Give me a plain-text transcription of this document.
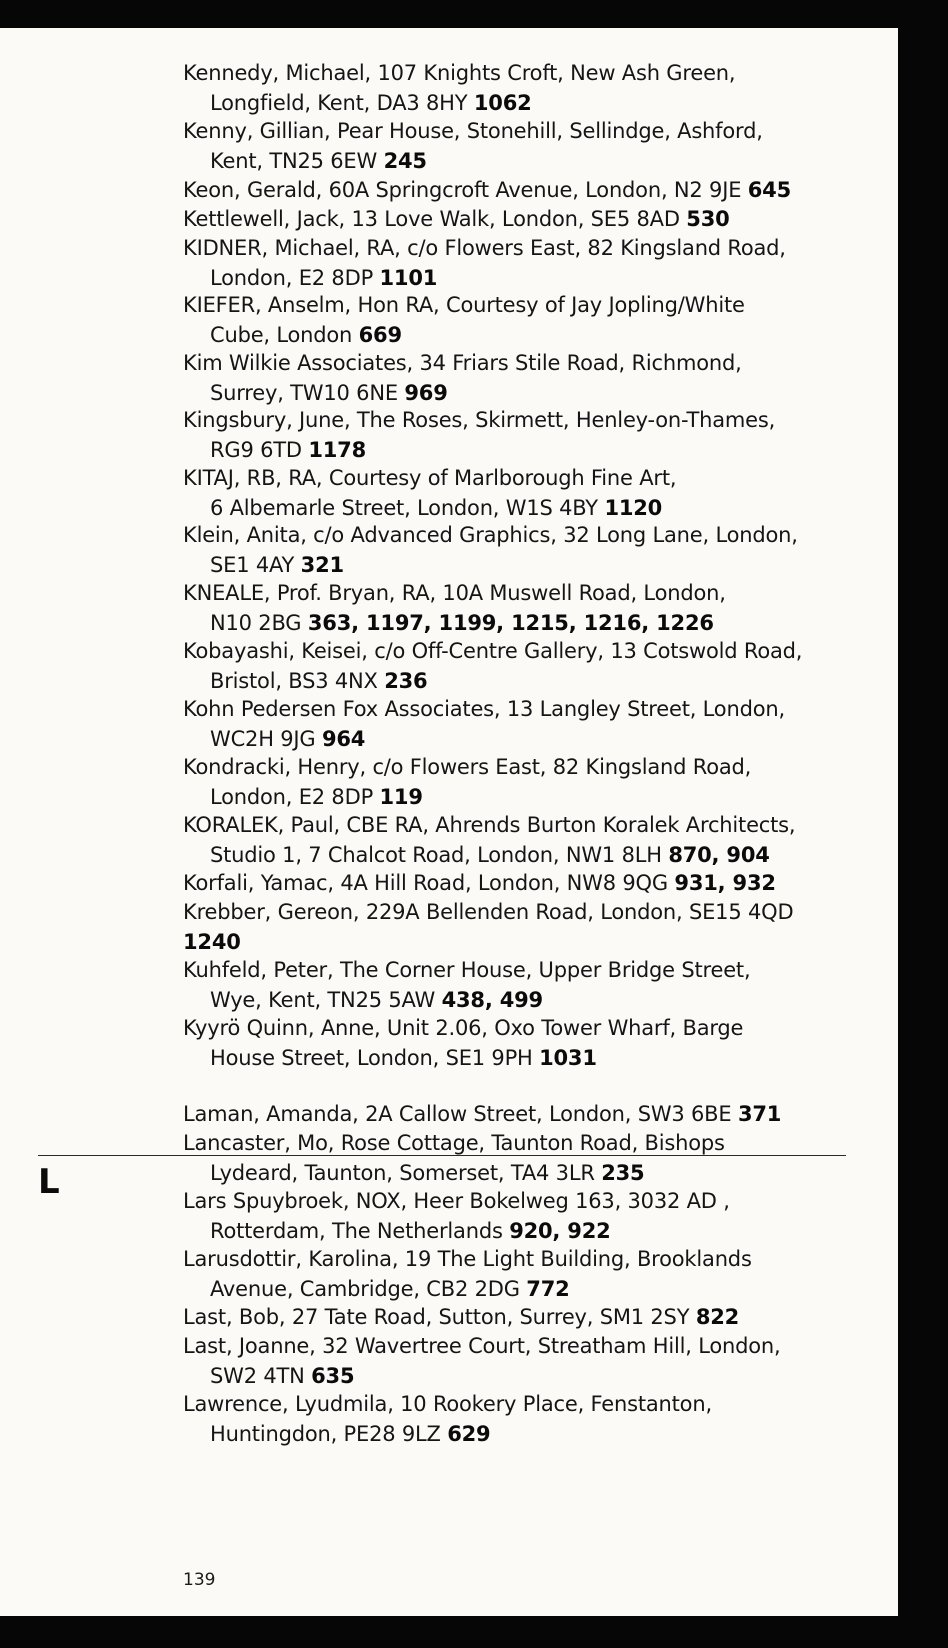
Kennedy, Michael, 107 Knights Croft, New Ash Green,
Longfield, Kent, DA3 8HY 1062
Kenny, Gillian, Pear House, Stonehill, Sellindge, Ashford,
Kent, TN25 6EW 245
Keon, Gerald, 60A Springcroft Avenue, London, N2 9JE 645
Kettlewell, Jack, 13 Love Walk, London, SE5 8AD 530
KIDNER, Michael, RA, c/o Flowers East, 82 Kingsland Road,
London, E2 8DP 1101
KIEFER, Anselm, Hon RA, Courtesy of Jay Jopling/White
Cube, London 669
Kim Wilkie Associates, 34 Friars Stile Road, Richmond,
Surrey, TW10 6NE 969
Kingsbury, June, The Roses, Skirmett, Henley-on-Thames,
RG9 6TD 1178
KITAJ, RB, RA, Courtesy of Marlborough Fine Art,
6 Albemarle Street, London, W1S 4BY 1120
Klein, Anita, c/o Advanced Graphics, 32 Long Lane, London,
SE1 4AY 321
KNEALE, Prof. Bryan, RA, 10A Muswell Road, London,
N10 2BG 363, 1197, 1199, 1215, 1216, 1226
Kobayashi, Keisei, c/o Off-Centre Gallery, 13 Cotswold Road,
Bristol, BS3 4NX 236
Kohn Pedersen Fox Associates, 13 Langley Street, London,
WC2H 9JG 964
Kondracki, Henry, c/o Flowers East, 82 Kingsland Road,
London, E2 8DP 119
KORALEK, Paul, CBE RA, Ahrends Burton Koralek Architects,
Studio 1, 7 Chalcot Road, London, NW1 8LH 870, 904
Korfali, Yamac, 4A Hill Road, London, NW8 9QG 931, 932
Krebber, Gereon, 229A Bellenden Road, London, SE15 4QD
1240
Kuhfeld, Peter, The Corner House, Upper Bridge Street,
Wye, Kent, TN25 5AW 438, 499
Kyyrö Quinn, Anne, Unit 2.06, Oxo Tower Wharf, Barge
House Street, London, SE1 9PH 1031
Laman, Amanda, 2A Callow Street, London, SW3 6BE 371
Lancaster, Mo, Rose Cottage, Taunton Road, Bishops
Lydeard, Taunton, Somerset, TA4 3LR 235
Lars Spuybroek, NOX, Heer Bokelweg 163, 3032 AD ,
Rotterdam, The Netherlands 920, 922
Larusdottir, Karolina, 19 The Light Building, Brooklands
Avenue, Cambridge, CB2 2DG 772
Last, Bob, 27 Tate Road, Sutton, Surrey, SM1 2SY 822
Last, Joanne, 32 Wavertree Court, Streatham Hill, London,
SW2 4TN 635
Lawrence, Lyudmila, 10 Rookery Place, Fenstanton,
Huntingdon, PE28 9LZ 629
L
139
